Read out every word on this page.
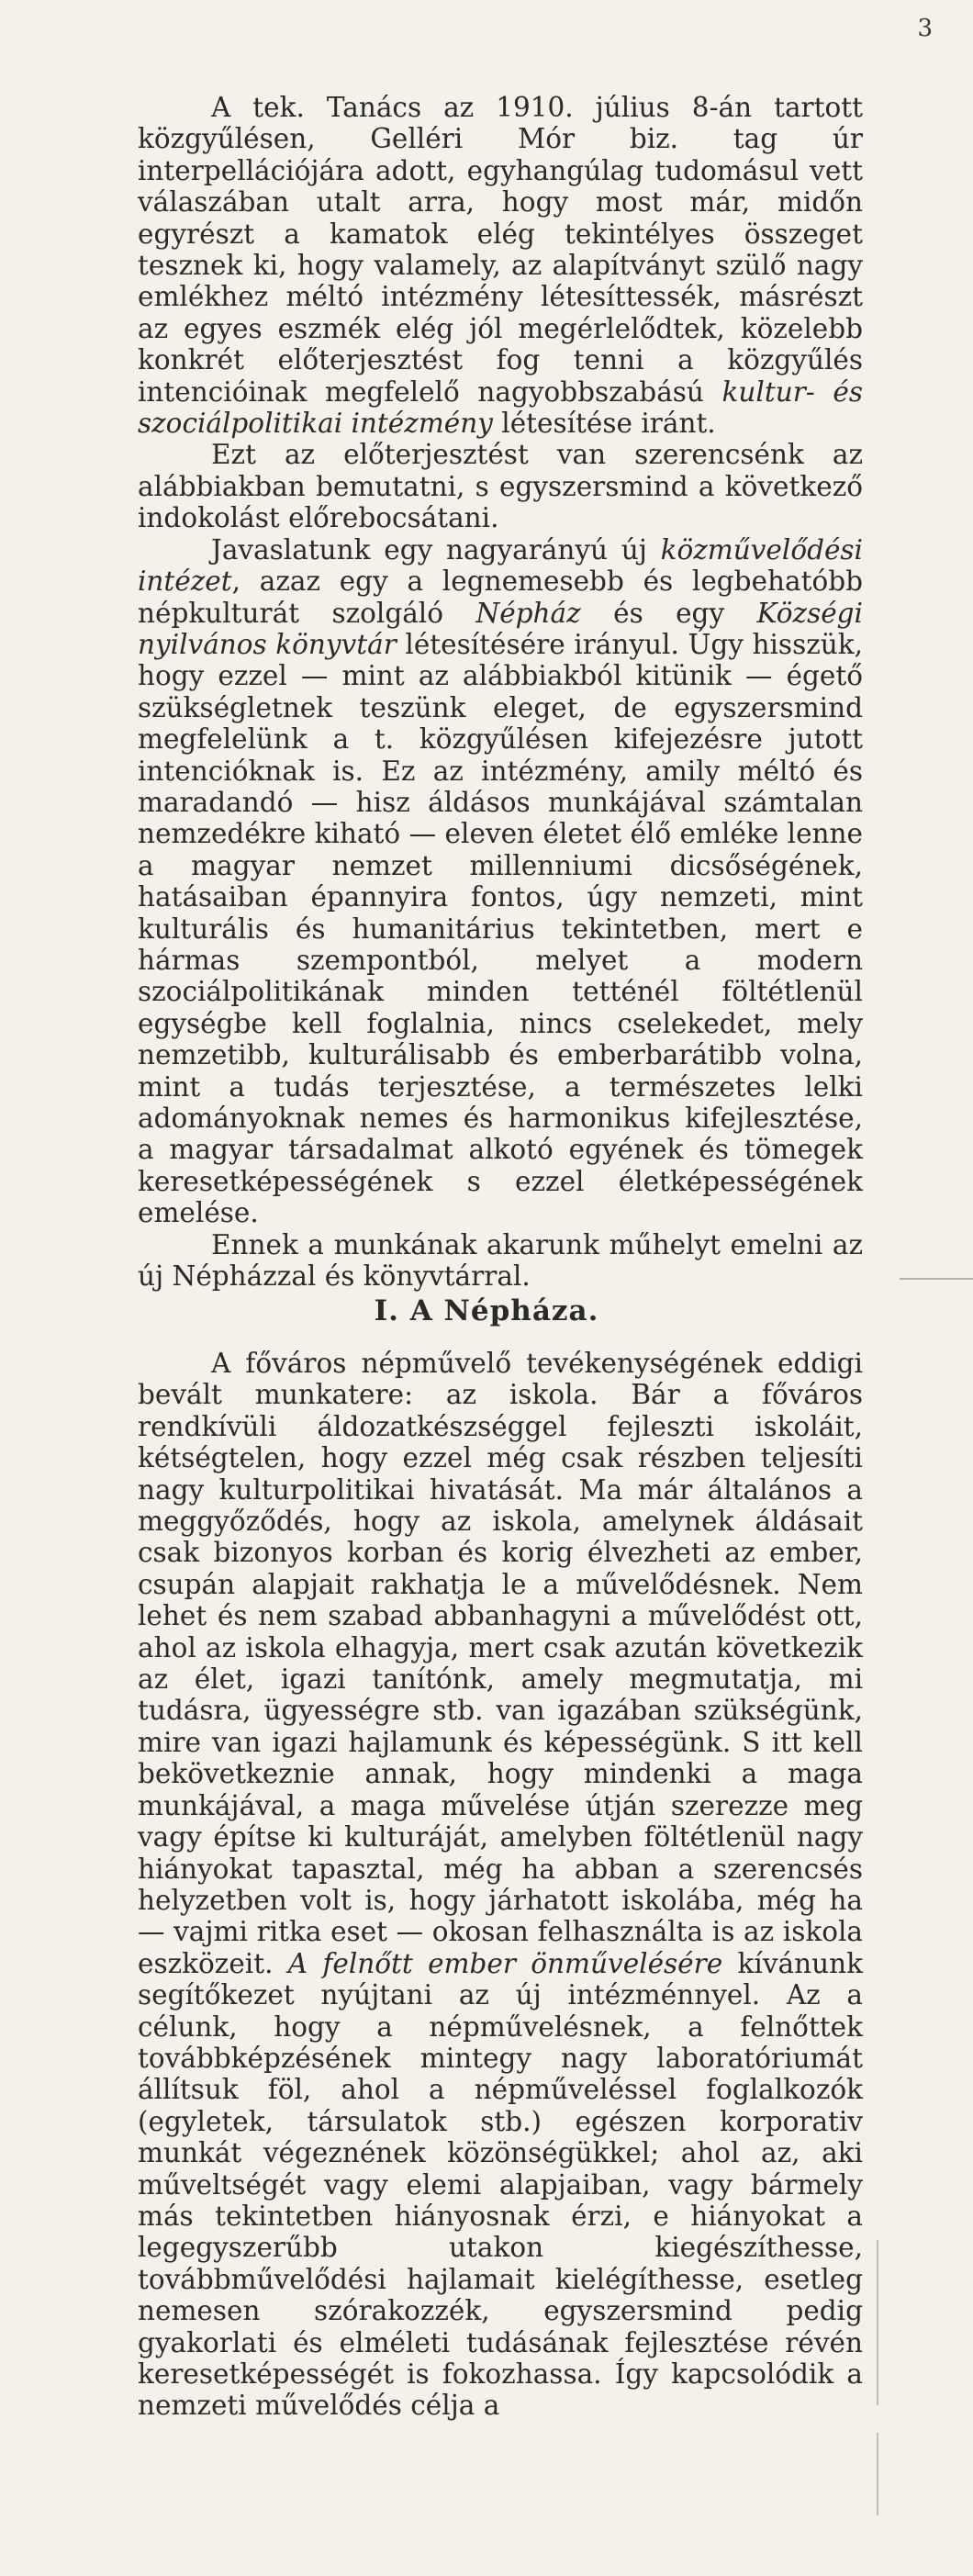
3

A tek. Tanács az 1910. július 8-án tartott közgyűlésen, Gelléri Mór biz. tag úr interpellációjára adott, egyhangúlag tudomásul vett válaszában utalt arra, hogy most már, midőn egyrészt a kamatok elég tekintélyes összeget tesznek ki, hogy valamely, az alapítványt szülő nagy emlékhez méltó intézmény létesíttessék, másrészt az egyes eszmék elég jól megérlelődtek, közelebb konkrét előterjesztést fog tenni a közgyűlés intencióinak megfelelő nagyobbszabású kultur- és szociálpolitikai intézmény létesítése iránt.

Ezt az előterjesztést van szerencsénk az alábbiakban bemutatni, s egyszersmind a következő indokolást előrebocsátani.

Javaslatunk egy nagyarányú új közművelődési intézet, azaz egy a legnemesebb és legbehatóbb népkulturát szolgáló Népház és egy Községi nyilvános könyvtár létesítésére irányul. Úgy hisszük, hogy ezzel — mint az alábbiakból kitünik — égető szükségletnek teszünk eleget, de egyszersmind megfelelünk a t. közgyűlésen kifejezésre jutott intencióknak is. Ez az intézmény, amily méltó és maradandó — hisz áldásos munkájával számtalan nemzedékre kiható — eleven életet élő emléke lenne a magyar nemzet millenniumi dicsőségének, hatásaiban épannyira fontos, úgy nemzeti, mint kulturális és humanitárius tekintetben, mert e hármas szempontból, melyet a modern szociálpolitikának minden tetténél föltétlenül egységbe kell foglalnia, nincs cselekedet, mely nemzetibb, kulturálisabb és emberbarátibb volna, mint a tudás terjesztése, a természetes lelki adományoknak nemes és harmonikus kifejlesztése, a magyar társadalmat alkotó egyének és tömegek keresetképességének s ezzel életképességének emelése.

Ennek a munkának akarunk műhelyt emelni az új Népházzal és könyvtárral.

I. A Népháza.

A főváros népművelő tevékenységének eddigi bevált munkatere: az iskola. Bár a főváros rendkívüli áldozatkészséggel fejleszti iskoláit, kétségtelen, hogy ezzel még csak részben teljesíti nagy kulturpolitikai hivatását. Ma már általános a meggyőződés, hogy az iskola, amelynek áldásait csak bizonyos korban és korig élvezheti az ember, csupán alapjait rakhatja le a művelődésnek. Nem lehet és nem szabad abbanhagyni a művelődést ott, ahol az iskola elhagyja, mert csak azután következik az élet, igazi tanítónk, amely megmutatja, mi tudásra, ügyességre stb. van igazában szükségünk, mire van igazi hajlamunk és képességünk. S itt kell bekövetkeznie annak, hogy mindenki a maga munkájával, a maga művelése útján szerezze meg vagy építse ki kulturáját, amelyben föltétlenül nagy hiányokat tapasztal, még ha abban a szerencsés helyzetben volt is, hogy járhatott iskolába, még ha — vajmi ritka eset — okosan felhasználta is az iskola eszközeit. A felnőtt ember önművelésére kívánunk segítőkezet nyújtani az új intézménnyel. Az a célunk, hogy a népművelésnek, a felnőttek továbbképzésének mintegy nagy laboratóriumát állítsuk föl, ahol a népműveléssel foglalkozók (egyletek, társulatok stb.) egészen korporativ munkát végeznének közönségükkel; ahol az, aki műveltségét vagy elemi alapjaiban, vagy bármely más tekintetben hiányosnak érzi, e hiányokat a legegyszerűbb utakon kiegészíthesse, továbbművelődési hajlamait kielégíthesse, esetleg nemesen szórakozzék, egyszersmind pedig gyakorlati és elméleti tudásának fejlesztése révén keresetképességét is fokozhassa. Így kapcsolódik a nemzeti művelődés célja a
